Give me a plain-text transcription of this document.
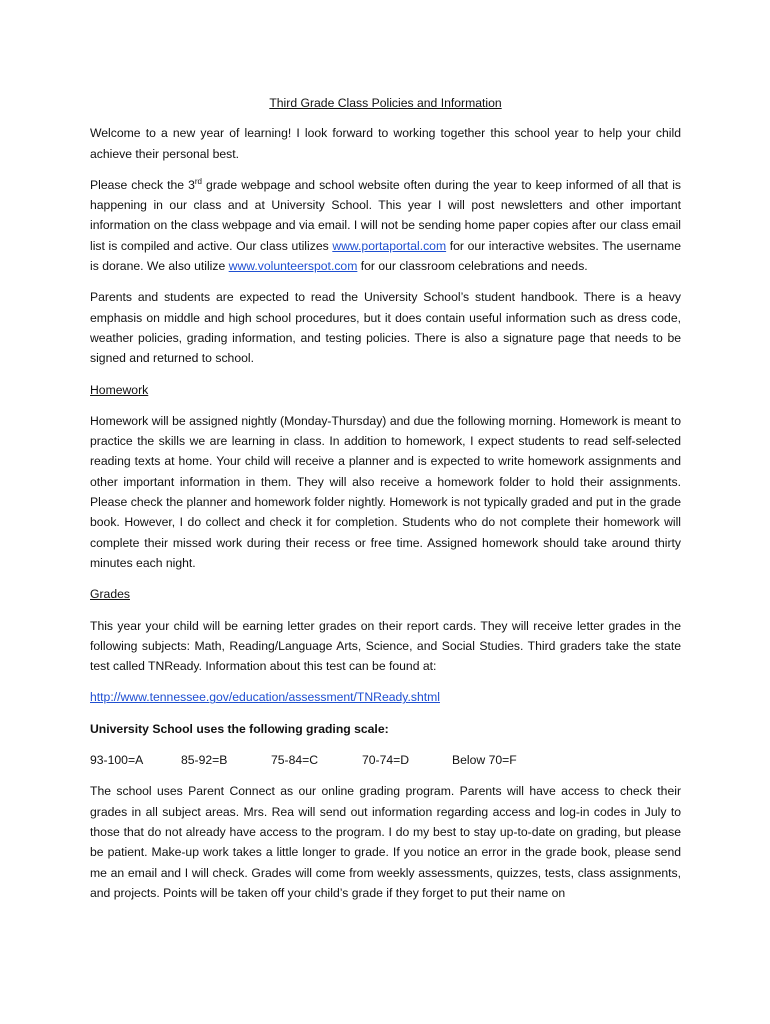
Third Grade Class Policies and Information

Welcome to a new year of learning! I look forward to working together this school year to help your child achieve their personal best.

Please check the 3rd grade webpage and school website often during the year to keep informed of all that is happening in our class and at University School. This year I will post newsletters and other important information on the class webpage and via email. I will not be sending home paper copies after our class email list is compiled and active. Our class utilizes www.portaportal.com for our interactive websites. The username is dorane. We also utilize www.volunteerspot.com for our classroom celebrations and needs.

Parents and students are expected to read the University School’s student handbook. There is a heavy emphasis on middle and high school procedures, but it does contain useful information such as dress code, weather policies, grading information, and testing policies. There is also a signature page that needs to be signed and returned to school.

Homework

Homework will be assigned nightly (Monday-Thursday) and due the following morning. Homework is meant to practice the skills we are learning in class. In addition to homework, I expect students to read self-selected reading texts at home. Your child will receive a planner and is expected to write homework assignments and other important information in them. They will also receive a homework folder to hold their assignments. Please check the planner and homework folder nightly. Homework is not typically graded and put in the grade book. However, I do collect and check it for completion. Students who do not complete their homework will complete their missed work during their recess or free time. Assigned homework should take around thirty minutes each night.

Grades

This year your child will be earning letter grades on their report cards. They will receive letter grades in the following subjects: Math, Reading/Language Arts, Science, and Social Studies. Third graders take the state test called TNReady. Information about this test can be found at:

http://www.tennessee.gov/education/assessment/TNReady.shtml

University School uses the following grading scale:

93-100=A	85-92=B	75-84=C	70-74=D	Below 70=F

The school uses Parent Connect as our online grading program. Parents will have access to check their grades in all subject areas. Mrs. Rea will send out information regarding access and log-in codes in July to those that do not already have access to the program. I do my best to stay up-to-date on grading, but please be patient. Make-up work takes a little longer to grade. If you notice an error in the grade book, please send me an email and I will check. Grades will come from weekly assessments, quizzes, tests, class assignments, and projects. Points will be taken off your child’s grade if they forget to put their name on
